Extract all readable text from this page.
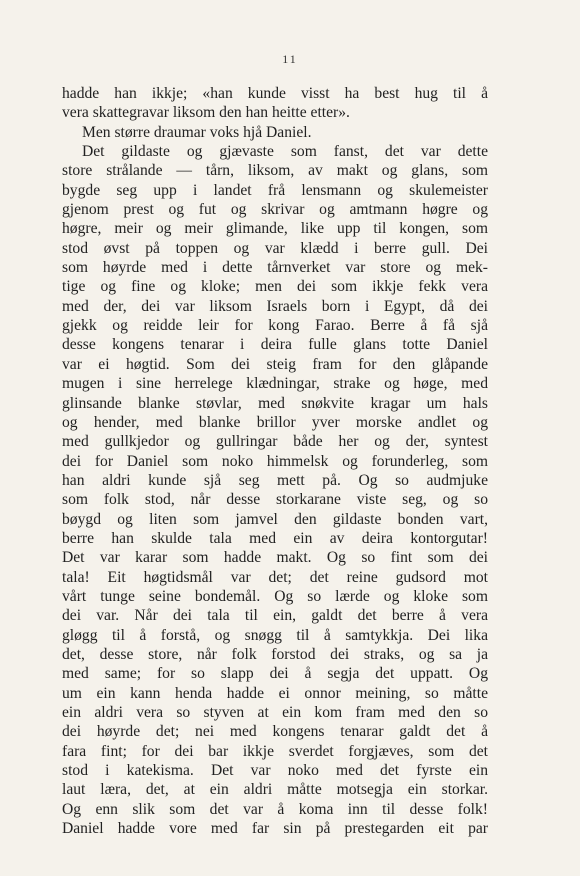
11
hadde han ikkje; «han kunde visst ha best hug til å
vera skattegravar liksom den han heitte etter».
Men større draumar voks hjå Daniel.
Det gildaste og gjævaste som fanst, det var dette
store strålande — tårn, liksom, av makt og glans, som
bygde seg upp i landet frå lensmann og skulemeister
gjenom prest og fut og skrivar og amtmann høgre og
høgre, meir og meir glimande, like upp til kongen, som
stod øvst på toppen og var klædd i berre gull. Dei
som høyrde med i dette tårnverket var store og mek-
tige og fine og kloke; men dei som ikkje fekk vera
med der, dei var liksom Israels born i Egypt, då dei
gjekk og reidde leir for kong Farao. Berre å få sjå
desse kongens tenarar i deira fulle glans totte Daniel
var ei høgtid. Som dei steig fram for den glåpande
mugen i sine herrelege klædningar, strake og høge, med
glinsande blanke støvlar, med snøkvite kragar um hals
og hender, med blanke brillor yver morske andlet og
med gullkjedor og gullringar både her og der, syntest
dei for Daniel som noko himmelsk og forunderleg, som
han aldri kunde sjå seg mett på. Og so audmjuke
som folk stod, når desse storkarane viste seg, og so
bøygd og liten som jamvel den gildaste bonden vart,
berre han skulde tala med ein av deira kontorgutar!
Det var karar som hadde makt. Og so fint som dei
tala! Eit høgtidsmål var det; det reine gudsord mot
vårt tunge seine bondemål. Og so lærde og kloke som
dei var. Når dei tala til ein, galdt det berre å vera
gløgg til å forstå, og snøgg til å samtykkja. Dei lika
det, desse store, når folk forstod dei straks, og sa ja
med same; for so slapp dei å segja det uppatt. Og
um ein kann henda hadde ei onnor meining, so måtte
ein aldri vera so styven at ein kom fram med den so
dei høyrde det; nei med kongens tenarar galdt det å
fara fint; for dei bar ikkje sverdet forgjæves, som det
stod i katekisma. Det var noko med det fyrste ein
laut læra, det, at ein aldri måtte motsegja ein storkar.
Og enn slik som det var å koma inn til desse folk!
Daniel hadde vore med far sin på prestegarden eit par
